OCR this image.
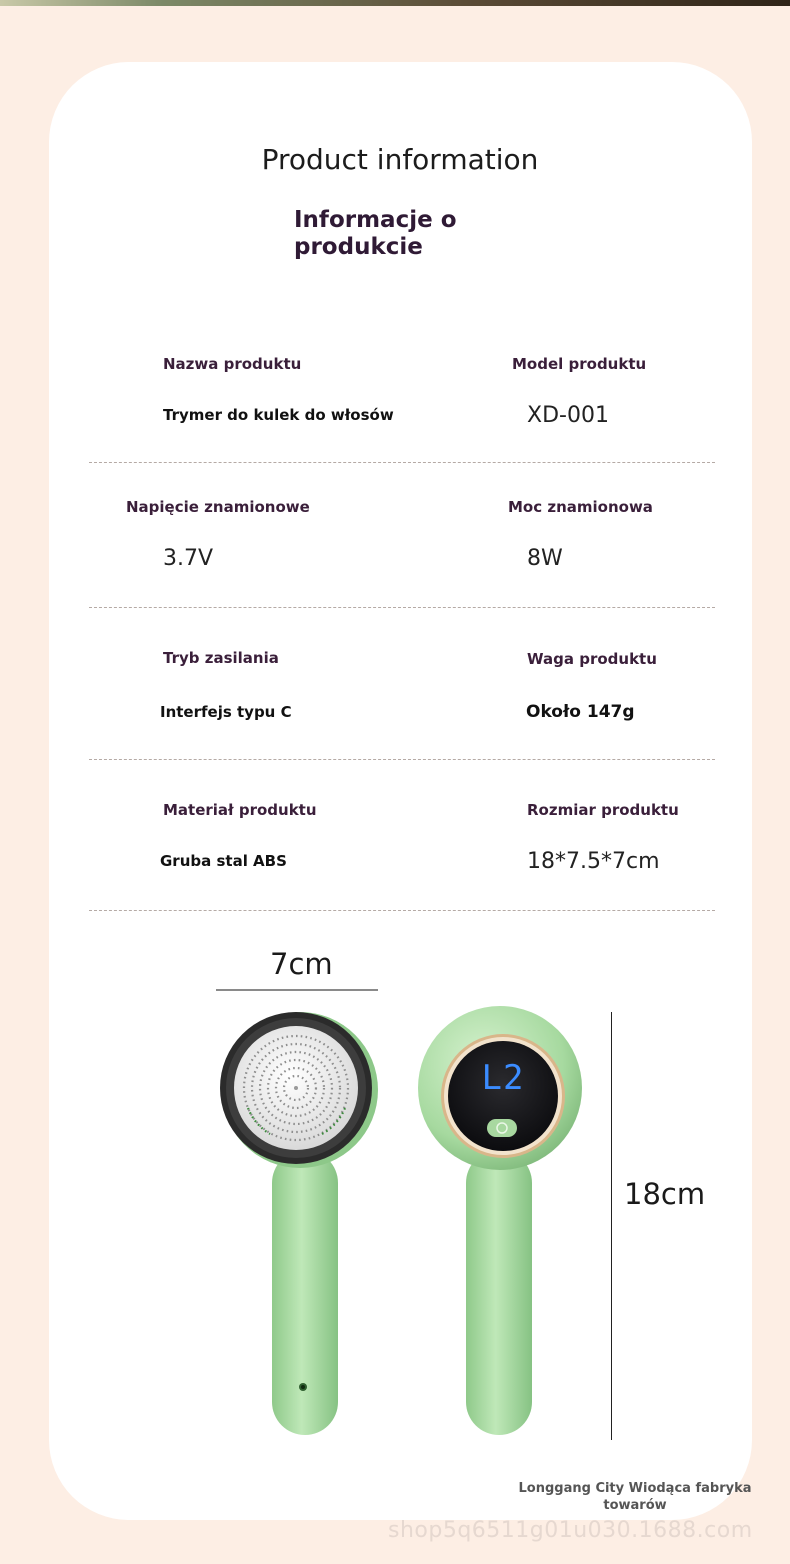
Product information
Informacje o produkcie
Nazwa produktu
Trymer do kulek do włosów
Model produktu
XD-001
Napięcie znamionowe
3.7V
Moc znamionowa
8W
Tryb zasilania
Interfejs typu C
Waga produktu
Około 147g
Materiał produktu
Gruba stal ABS
Rozmiar produktu
18*7.5*7cm
7cm
18cm
L2
Longgang City Wiodąca fabryka towarów
shop5q6511g01u030.1688.com
